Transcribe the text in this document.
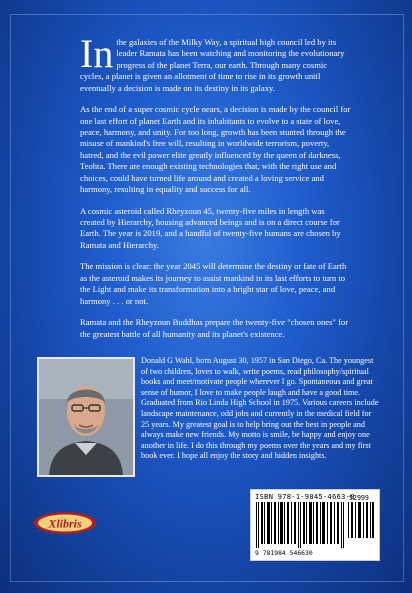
In the galaxies of the Milky Way, a spiritual high council led by its leader Ramata has been watching and monitoring the evolutionary progress of the planet Terra, our earth. Through many cosmic cycles, a planet is given an allotment of time to rise in its growth until eventually a decision is made on its destiny in its galaxy.

As the end of a super cosmic cycle nears, a decision is made by the council for one last effort of planet Earth and its inhabitants to evolve to a state of love, peace, harmony, and unity. For too long, growth has been stunted through the misuse of mankind's free will, resulting in worldwide terrorism, poverty, hatred, and the evil power elite greatly influenced by the queen of darkness, Teohta. There are enough existing technologies that, with the right use and choices, could have turned life around and created a loving service and harmony, resulting in equality and success for all.

A cosmic asteroid called Rheyzoun 45, twenty-five miles in length was created by Hierarchy, housing advanced beings and is on a direct course for Earth. The year is 2019, and a handful of twenty-five humans are chosen by Ramata and Hierarchy.

The mission is clear: the year 2045 will determine the destiny or fate of Earth as the asteroid makes its journey to assist mankind in its last efforts to turn to the Light and make its transformation into a bright star of love, peace, and harmony . . . or not.

Ramata and the Rheyzoun Buddhas prepare the twenty-five "chosen ones" for the greatest battle of all humanity and its planet's existence.

Donald G Wahl, born August 30, 1957 in San Diego, Ca. The youngest of two children, loves to walk, write poems, read philosophy/spiritual books and meet/motivate people wherever I go. Spontaneous and great sense of humor, I love to make people laugh and have a good time. Graduated from Rio Linda High School in 1975. Various careers include landscape maintenance, odd jobs and currently in the medical field for 25 years. My greatest goal is to help bring out the best in people and always make new friends. My motto is smile, be happy and enjoy one another in life. I do this through my poems over the years and my first book ever. I hope all enjoy the story and hidden insights.
Xlibris
ISBN 978-1-9845-4663-0
52999
9 781984 546630
